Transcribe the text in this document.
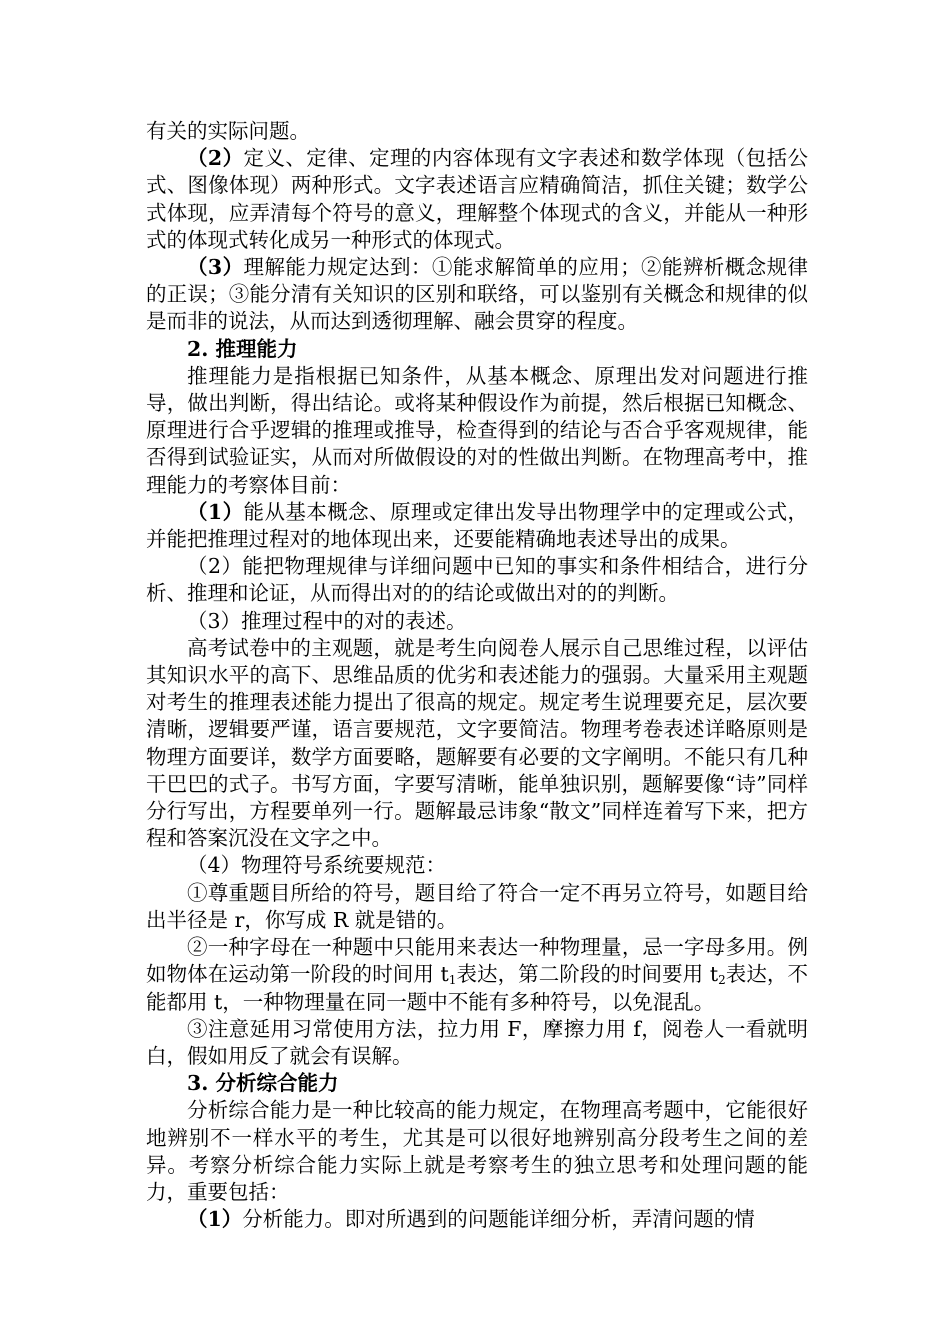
有关的实际问题。

（2）定义、定律、定理的内容体现有文字表述和数学体现（包括公式、图像体现）两种形式。文字表述语言应精确简洁，抓住关键；数学公式体现，应弄清每个符号的意义，理解整个体现式的含义，并能从一种形式的体现式转化成另一种形式的体现式。

（3）理解能力规定达到：①能求解简单的应用；②能辨析概念规律的正误；③能分清有关知识的区别和联络，可以鉴别有关概念和规律的似是而非的说法，从而达到透彻理解、融会贯穿的程度。

2. 推理能力

推理能力是指根据已知条件，从基本概念、原理出发对问题进行推导，做出判断，得出结论。或将某种假设作为前提，然后根据已知概念、原理进行合乎逻辑的推理或推导，检查得到的结论与否合乎客观规律，能否得到试验证实，从而对所做假设的对的性做出判断。在物理高考中，推理能力的考察体目前：

（1）能从基本概念、原理或定律出发导出物理学中的定理或公式，并能把推理过程对的地体现出来，还要能精确地表述导出的成果。

（2）能把物理规律与详细问题中已知的事实和条件相结合，进行分析、推理和论证，从而得出对的的结论或做出对的的判断。

（3）推理过程中的对的表述。

高考试卷中的主观题，就是考生向阅卷人展示自己思维过程，以评估其知识水平的高下、思维品质的优劣和表述能力的强弱。大量采用主观题对考生的推理表述能力提出了很高的规定。规定考生说理要充足，层次要清晰，逻辑要严谨，语言要规范，文字要简洁。物理考卷表述详略原则是物理方面要详，数学方面要略，题解要有必要的文字阐明。不能只有几种干巴巴的式子。书写方面，字要写清晰，能单独识别，题解要像“诗”同样分行写出，方程要单列一行。题解最忌讳象“散文”同样连着写下来，把方程和答案沉没在文字之中。

（4）物理符号系统要规范：

①尊重题目所给的符号，题目给了符合一定不再另立符号，如题目给出半径是 r，你写成 R 就是错的。

②一种字母在一种题中只能用来表达一种物理量，忌一字母多用。例如物体在运动第一阶段的时间用 $t_1$表达，第二阶段的时间要用 $t_2$表达，不能都用 t，一种物理量在同一题中不能有多种符号，以免混乱。

③注意延用习常使用方法，拉力用 F，摩擦力用 f，阅卷人一看就明白，假如用反了就会有误解。

3. 分析综合能力

分析综合能力是一种比较高的能力规定，在物理高考题中，它能很好地辨别不一样水平的考生，尤其是可以很好地辨别高分段考生之间的差异。考察分析综合能力实际上就是考察考生的独立思考和处理问题的能力，重要包括：

（1）分析能力。即对所遇到的问题能详细分析，弄清问题的情
